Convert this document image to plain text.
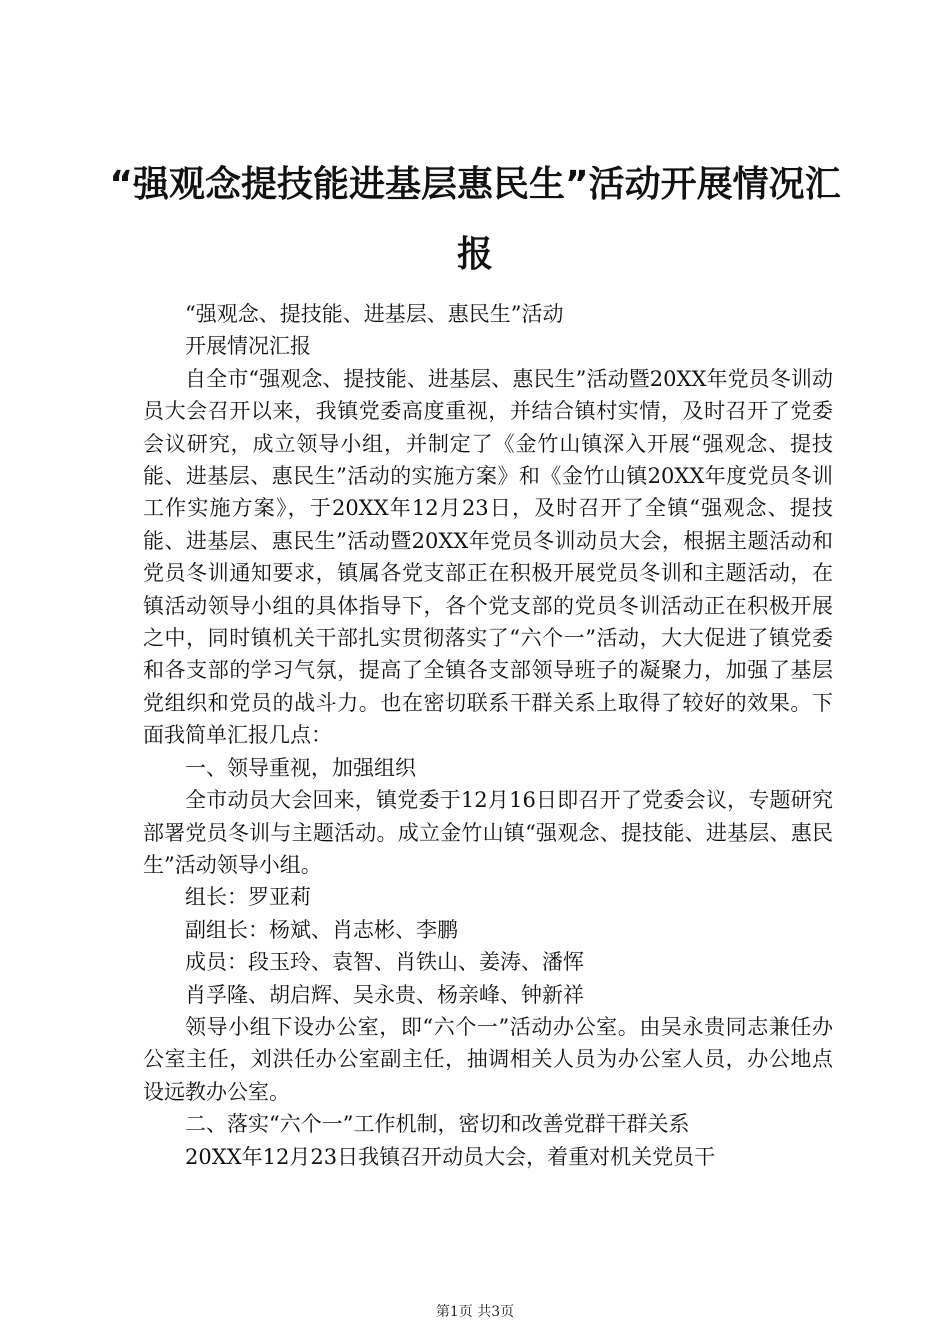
“强观念提技能进基层惠民生”活动开展情况汇报

“强观念、提技能、进基层、惠民生”活动

开展情况汇报

自全市“强观念、提技能、进基层、惠民生”活动暨20XX年党员冬训动员大会召开以来，我镇党委高度重视，并结合镇村实情，及时召开了党委会议研究，成立领导小组，并制定了《金竹山镇深入开展“强观念、提技能、进基层、惠民生”活动的实施方案》和《金竹山镇20XX年度党员冬训工作实施方案》，于20XX年12月23日，及时召开了全镇“强观念、提技能、进基层、惠民生”活动暨20XX年党员冬训动员大会，根据主题活动和党员冬训通知要求，镇属各党支部正在积极开展党员冬训和主题活动，在镇活动领导小组的具体指导下，各个党支部的党员冬训活动正在积极开展之中，同时镇机关干部扎实贯彻落实了“六个一”活动，大大促进了镇党委和各支部的学习气氛，提高了全镇各支部领导班子的凝聚力，加强了基层党组织和党员的战斗力。也在密切联系干群关系上取得了较好的效果。下面我简单汇报几点：

一、领导重视，加强组织

全市动员大会回来，镇党委于12月16日即召开了党委会议，专题研究部署党员冬训与主题活动。成立金竹山镇“强观念、提技能、进基层、惠民生”活动领导小组。

组长：罗亚莉

副组长：杨斌、肖志彬、李鹏

成员：段玉玲、袁智、肖铁山、姜涛、潘恽

肖孚隆、胡启辉、吴永贵、杨亲峰、钟新祥

领导小组下设办公室，即“六个一”活动办公室。由吴永贵同志兼任办公室主任，刘洪任办公室副主任，抽调相关人员为办公室人员，办公地点设远教办公室。

二、落实“六个一”工作机制，密切和改善党群干群关系

20XX年12月23日我镇召开动员大会，着重对机关党员干

第1页 共3页
